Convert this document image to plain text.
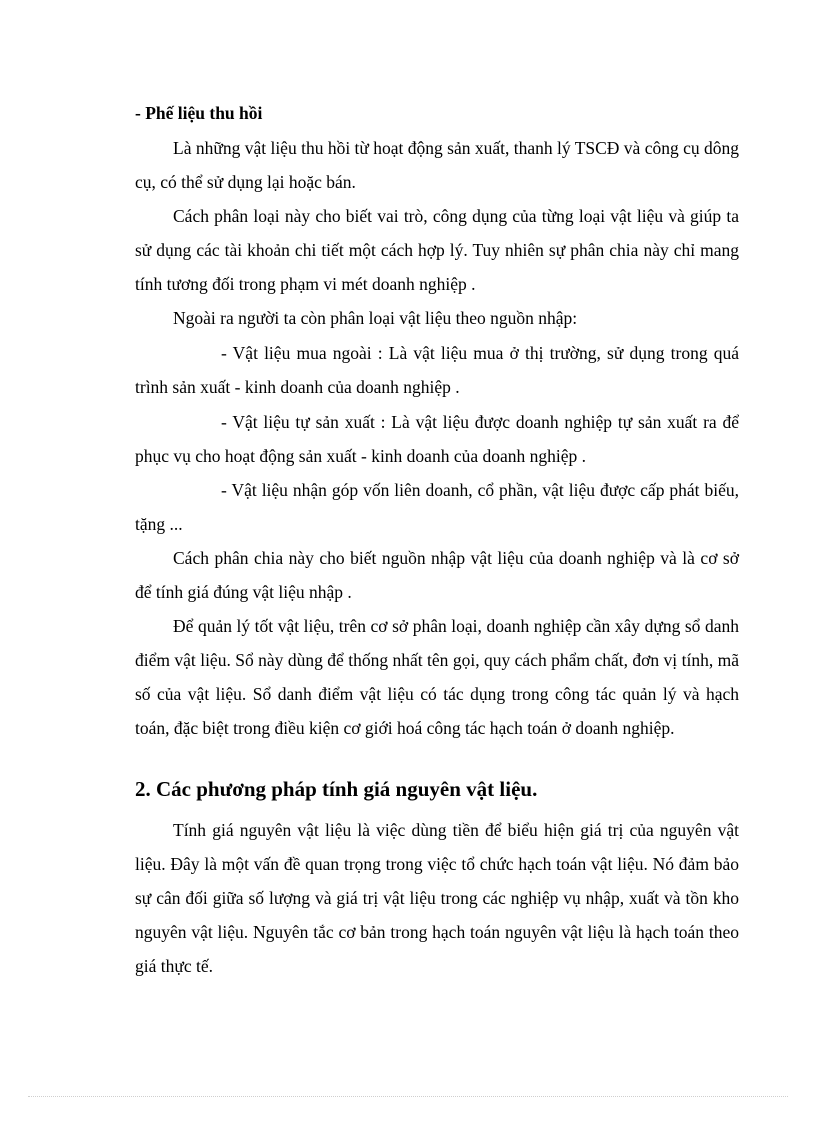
- Phế liệu thu hồi

Là những vật liệu thu hồi từ hoạt động sản xuất, thanh lý TSCĐ và công cụ dông cụ, có thể sử dụng lại hoặc bán.

Cách phân loại này cho biết vai trò, công dụng của từng loại vật liệu và giúp ta sử dụng các tài khoản chi tiết một cách hợp lý. Tuy nhiên sự phân chia này chỉ mang tính tương đối trong phạm vi mét doanh nghiệp .

Ngoài ra người ta còn phân loại vật liệu theo nguồn nhập:

- Vật liệu mua ngoài : Là vật liệu mua ở thị trường, sử dụng trong quá trình sản xuất - kinh doanh của doanh nghiệp .

- Vật liệu tự sản xuất : Là vật liệu được doanh nghiệp tự sản xuất ra để phục vụ cho hoạt động sản xuất - kinh doanh của doanh nghiệp .

- Vật liệu nhận góp vốn liên doanh, cổ phần, vật liệu được cấp phát biếu, tặng ...

Cách phân chia này cho biết nguồn nhập vật liệu của doanh nghiệp và là cơ sở để tính giá đúng vật liệu nhập .

Để quản lý tốt vật liệu, trên cơ sở phân loại, doanh nghiệp cần xây dựng sổ danh điểm vật liệu. Sổ này dùng để thống nhất tên gọi, quy cách phẩm chất, đơn vị tính, mã số của vật liệu. Sổ danh điểm vật liệu có tác dụng trong công tác quản lý và hạch toán, đặc biệt trong điều kiện cơ giới hoá công tác hạch toán ở doanh nghiệp.

2. Các phương pháp tính giá nguyên vật liệu.

Tính giá nguyên vật liệu là việc dùng tiền để biểu hiện giá trị của nguyên vật liệu. Đây là một vấn đề quan trọng trong việc tổ chức hạch toán vật liệu. Nó đảm bảo sự cân đối giữa số lượng và giá trị vật liệu trong các nghiệp vụ nhập, xuất và tồn kho nguyên vật liệu. Nguyên tắc cơ bản trong hạch toán nguyên vật liệu là hạch toán theo giá thực tế.
